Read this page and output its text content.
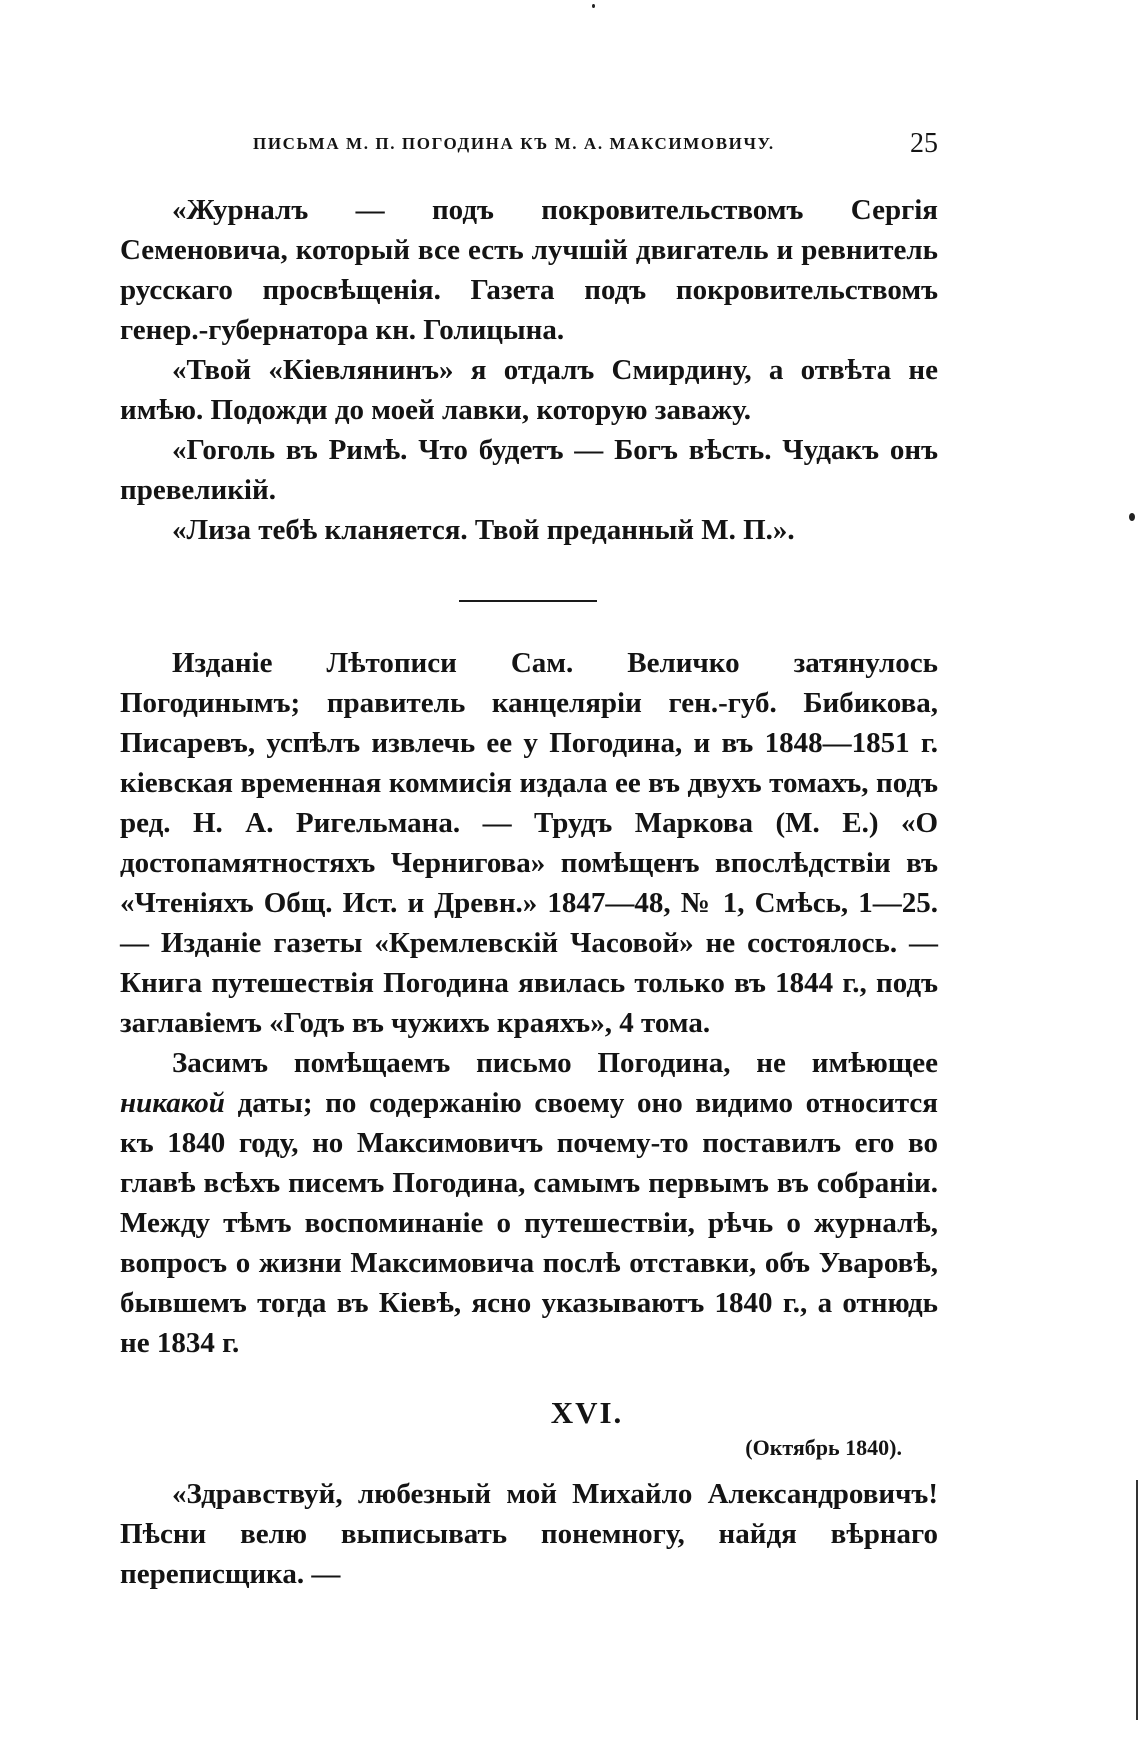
ПИСЬМА М. П. ПОГОДИНА КЪ М. А. МАКСИМОВИЧУ.	25

«Журналъ — подъ покровительствомъ Сергія Семеновича, который все есть лучшій двигатель и ревнитель русскаго просвѣщенія. Газета подъ покровительствомъ генер.-губернатора кн. Голицына.

«Твой «Кіевлянинъ» я отдалъ Смирдину, а отвѣта не имѣю. Подожди до моей лавки, которую заважу.

«Гоголь въ Римѣ. Что будетъ — Богъ вѣсть. Чудакъ онъ превеликій.

«Лиза тебѣ кланяется. Твой преданный М. П.».

Изданіе Лѣтописи Сам. Величко затянулось Погодинымъ; правитель канцеляріи ген.-губ. Бибикова, Писаревъ, успѣлъ извлечь ее у Погодина, и въ 1848—1851 г. кіевская временная коммисія издала ее въ двухъ томахъ, подъ ред. Н. А. Ригельмана. — Трудъ Маркова (М. Е.) «О достопамятностяхъ Чернигова» помѣщенъ впослѣдствіи въ «Чтеніяхъ Общ. Ист. и Древн.» 1847—48, № 1, Смѣсь, 1—25. — Изданіе газеты «Кремлевскій Часовой» не состоялось. — Книга путешествія Погодина явилась только въ 1844 г., подъ заглавіемъ «Годъ въ чужихъ краяхъ», 4 тома.

Засимъ помѣщаемъ письмо Погодина, не имѣющее никакой даты; по содержанію своему оно видимо относится къ 1840 году, но Максимовичъ почему-то поставилъ его во главѣ всѣхъ писемъ Погодина, самымъ первымъ въ собраніи. Между тѣмъ воспоминаніе о путешествіи, рѣчь о журналѣ, вопросъ о жизни Максимовича послѣ отставки, объ Уваровѣ, бывшемъ тогда въ Кіевѣ, ясно указываютъ 1840 г., а отнюдь не 1834 г.

XVI.
(Октябрь 1840).

«Здравствуй, любезный мой Михайло Александровичъ! Пѣсни велю выписывать понемногу, найдя вѣрнаго переписщика. —
